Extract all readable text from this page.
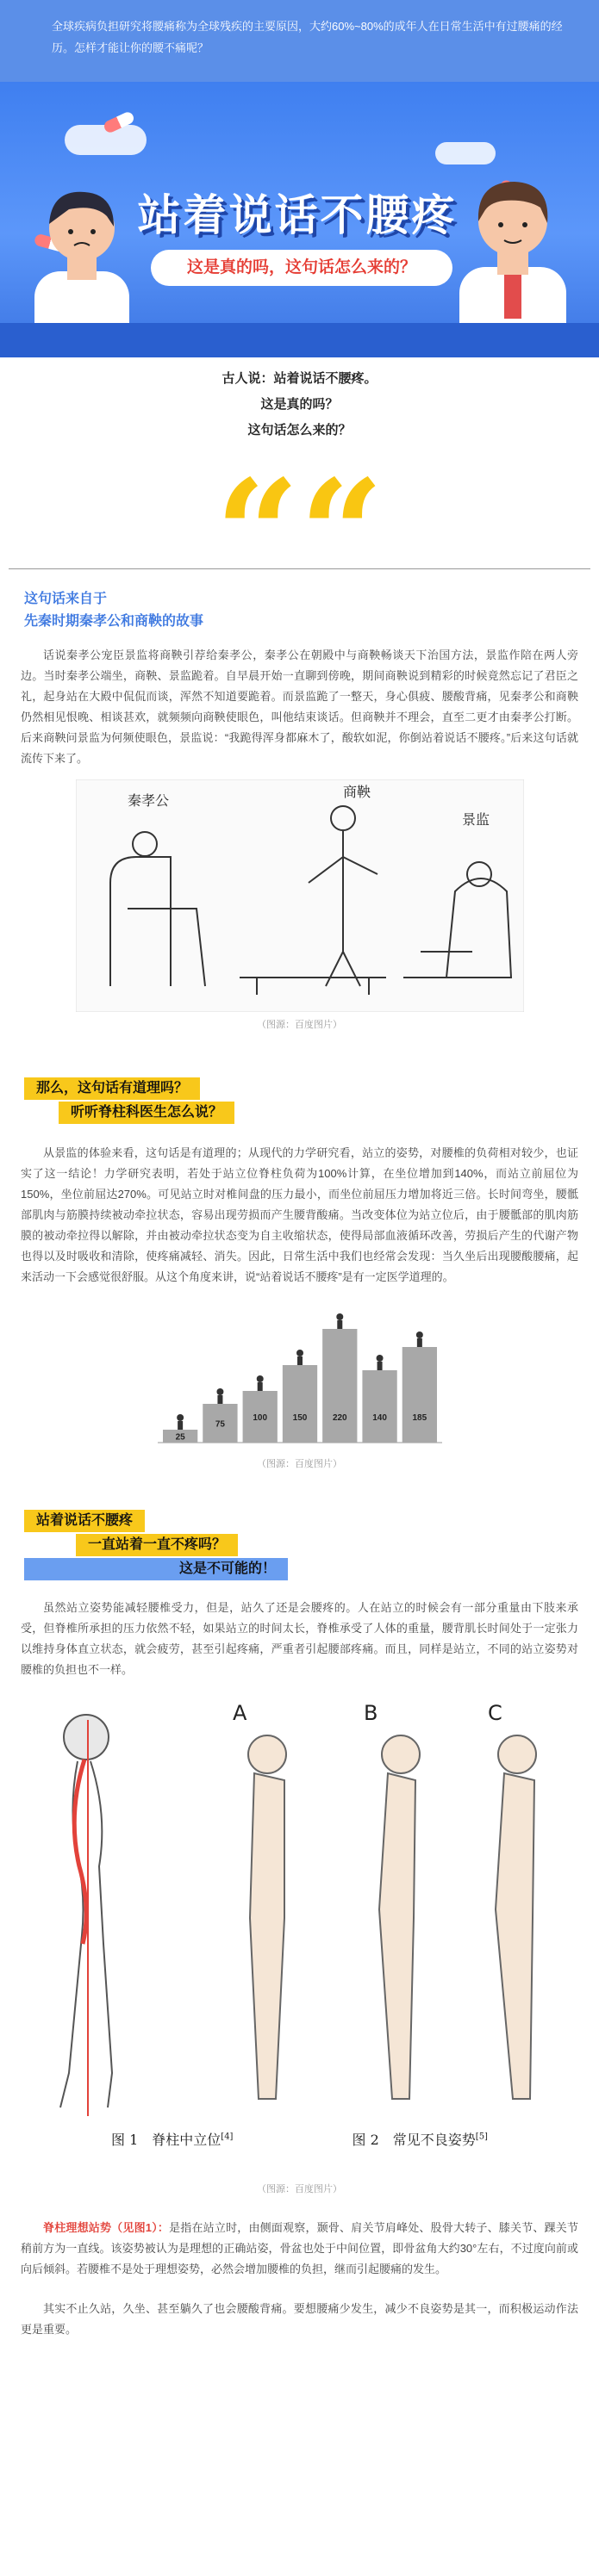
全球疾病负担研究将腰痛称为全球残疾的主要原因，大约60%~80%的成年人在日常生活中有过腰痛的经历。怎样才能让你的腰不痛呢？

站着说话不腰疼
这是真的吗，这句话怎么来的？
古人说：站着说话不腰疼。
这是真的吗？
这句话怎么来的？
““
这句话来自于
先秦时期秦孝公和商鞅的故事

话说秦孝公宠臣景监将商鞅引荐给秦孝公，秦孝公在朝殿中与商鞅畅谈天下治国方法，景监作陪在两人旁边。当时秦孝公端坐，商鞅、景监跪着。自早晨开始一直聊到傍晚，期间商鞅说到精彩的时候竟然忘记了君臣之礼，起身站在大殿中侃侃而谈，浑然不知道要跪着。而景监跪了一整天，身心俱疲、腰酸背痛，见秦孝公和商鞅仍然相见恨晚、相谈甚欢，就频频向商鞅使眼色，叫他结束谈话。但商鞅并不理会，直至二更才由秦孝公打断。后来商鞅问景监为何频使眼色，景监说：“我跪得浑身都麻木了，酸软如泥，你倒站着说话不腰疼。”后来这句话就流传下来了。

秦孝公
商鞅
景监
（图源：百度图片）
那么，这句话有道理吗？
听听脊柱科医生怎么说？

从景监的体验来看，这句话是有道理的；从现代的力学研究看，站立的姿势，对腰椎的负荷相对较少，也证实了这一结论！力学研究表明，若处于站立位脊柱负荷为100%计算，在坐位增加到140%，而站立前屈位为150%，坐位前屈达270%。可见站立时对椎间盘的压力最小，而坐位前屈压力增加将近三倍。长时间弯坐，腰骶部肌肉与筋膜持续被动牵拉状态，容易出现劳损而产生腰背酸痛。当改变体位为站立位后，由于腰骶部的肌肉筋膜的被动牵拉得以解除，并由被动牵拉状态变为自主收缩状态，使得局部血液循环改善，劳损后产生的代谢产物也得以及时吸收和清除，使疼痛减轻、消失。因此，日常生活中我们也经常会发现：当久坐后出现腰酸腰痛，起来活动一下会感觉很舒服。从这个角度来讲，说“站着说话不腰疼”是有一定医学道理的。

25
75
100	150	220	140	185
（图源：百度图片）
站着说话不腰疼
一直站着一直不疼吗？
这是不可能的！

虽然站立姿势能减轻腰椎受力，但是，站久了还是会腰疼的。人在站立的时候会有一部分重量由下肢来承受，但脊椎所承担的压力依然不轻，如果站立的时间太长，脊椎承受了人体的重量，腰背肌长时间处于一定张力以维持身体直立状态，就会疲劳，甚至引起疼痛，严重者引起腰部疼痛。而且，同样是站立，不同的站立姿势对腰椎的负担也不一样。

A	B	C
图 1　脊柱中立位[4]	图 2　常见不良姿势[5]
（图源：百度图片）

脊柱理想站势（见图1）：是指在站立时，由侧面观察，颞骨、肩关节肩峰处、股骨大转子、膝关节、踝关节稍前方为一直线。该姿势被认为是理想的正确站姿，骨盆也处于中间位置，即骨盆角大约30°左右，不过度向前或向后倾斜。若腰椎不是处于理想姿势，必然会增加腰椎的负担，继而引起腰痛的发生。

其实不止久站，久坐、甚至躺久了也会腰酸背痛。要想腰痛少发生，减少不良姿势是其一，而积极运动作法更是重要。
